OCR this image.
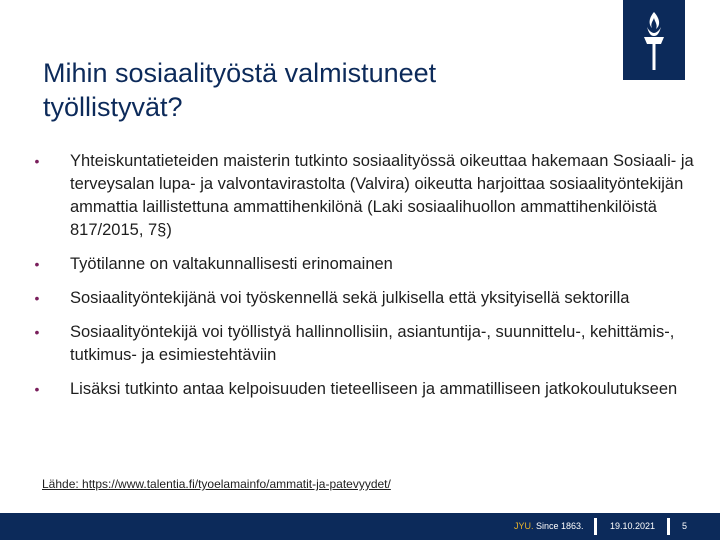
Mihin sosiaalityöstä valmistuneet
työllistyvät?
• Yhteiskuntatieteiden maisterin tutkinto sosiaalityössä oikeuttaa hakemaan Sosiaali- ja terveysalan lupa- ja valvontavirastolta (Valvira) oikeutta harjoittaa sosiaalityöntekijän ammattia laillistettuna ammattihenkilönä (Laki sosiaalihuollon ammattihenkilöistä 817/2015, 7§)
• Työtilanne on valtakunnallisesti erinomainen
• Sosiaalityöntekijänä voi työskennellä sekä julkisella että yksityisellä sektorilla
• Sosiaalityöntekijä voi työllistyä hallinnollisiin, asiantuntija-, suunnittelu-, kehittämis-, tutkimus- ja esimiestehtäviin
• Lisäksi tutkinto antaa kelpoisuuden tieteelliseen ja ammatilliseen jatkokoulutukseen
Lähde: https://www.talentia.fi/tyoelamainfo/ammatit-ja-patevyydet/
JYU. Since 1863.	19.10.2021	5
